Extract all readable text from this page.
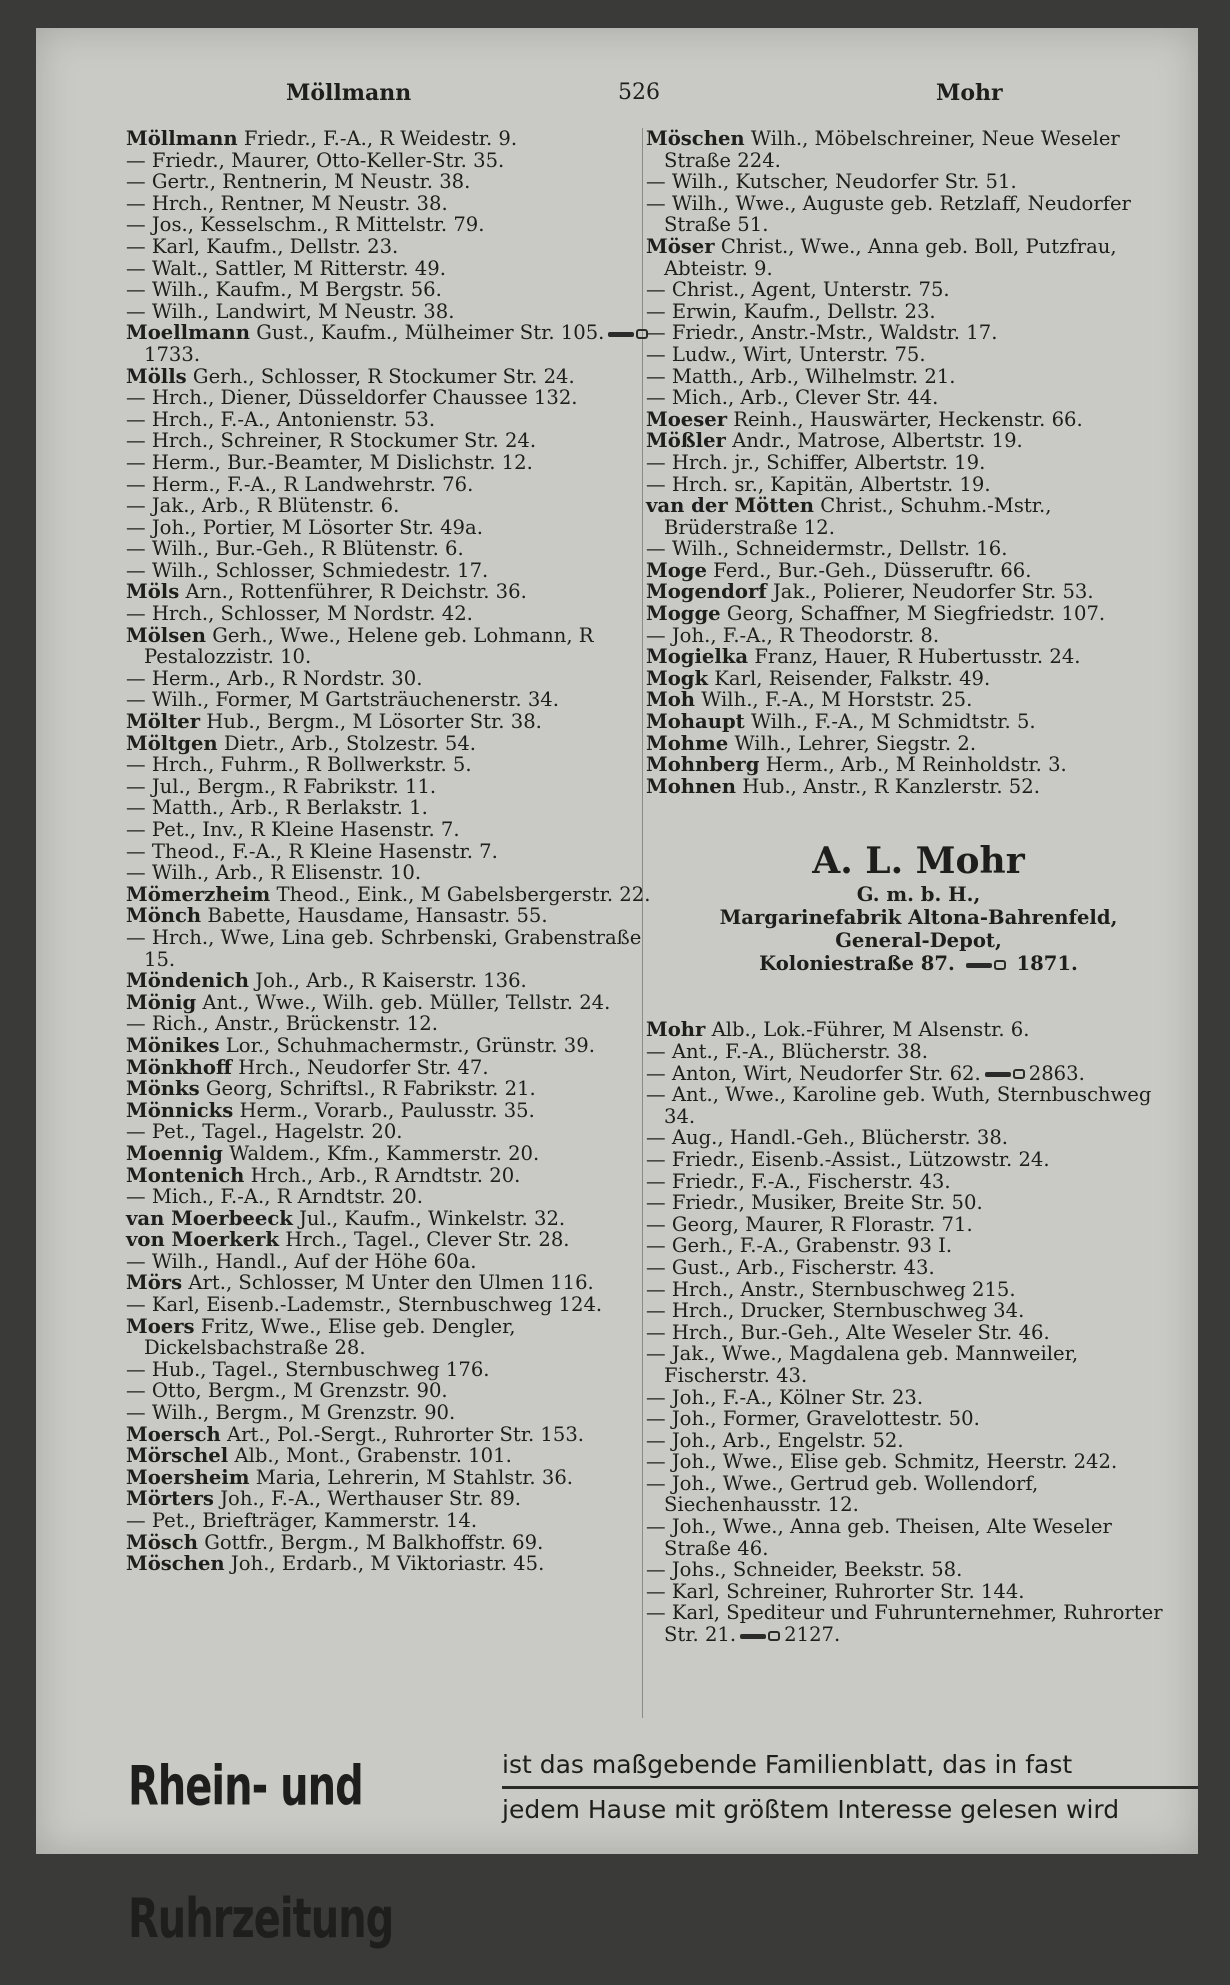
Möllmann	526	Mohr

Möllmann Friedr., F.-A., R Weidestr. 9.

— Friedr., Maurer, Otto-Keller-Str. 35.

— Gertr., Rentnerin, M Neustr. 38.

— Hrch., Rentner, M Neustr. 38.

— Jos., Kesselschm., R Mittelstr. 79.

— Karl, Kaufm., Dellstr. 23.

— Walt., Sattler, M Ritterstr. 49.

— Wilh., Kaufm., M Bergstr. 56.

— Wilh., Landwirt, M Neustr. 38.

Moellmann Gust., Kaufm., Mülheimer Str. 105.1733.

Mölls Gerh., Schlosser, R Stockumer Str. 24.

— Hrch., Diener, Düsseldorfer Chaussee 132.

— Hrch., F.-A., Antonienstr. 53.

— Hrch., Schreiner, R Stockumer Str. 24.

— Herm., Bur.-Beamter, M Dislichstr. 12.

— Herm., F.-A., R Landwehrstr. 76.

— Jak., Arb., R Blütenstr. 6.

— Joh., Portier, M Lösorter Str. 49a.

— Wilh., Bur.-Geh., R Blütenstr. 6.

— Wilh., Schlosser, Schmiedestr. 17.

Möls Arn., Rottenführer, R Deichstr. 36.

— Hrch., Schlosser, M Nordstr. 42.

Mölsen Gerh., Wwe., Helene geb. Lohmann, R Pestalozzistr. 10.

— Herm., Arb., R Nordstr. 30.

— Wilh., Former, M Gartsträuchenerstr. 34.

Mölter Hub., Bergm., M Lösorter Str. 38.

Möltgen Dietr., Arb., Stolzestr. 54.

— Hrch., Fuhrm., R Bollwerkstr. 5.

— Jul., Bergm., R Fabrikstr. 11.

— Matth., Arb., R Berlakstr. 1.

— Pet., Inv., R Kleine Hasenstr. 7.

— Theod., F.-A., R Kleine Hasenstr. 7.

— Wilh., Arb., R Elisenstr. 10.

Mömerzheim Theod., Eink., M Gabelsbergerstr. 22.

Mönch Babette, Hausdame, Hansastr. 55.

— Hrch., Wwe, Lina geb. Schrbenski, Grabenstraße 15.

Möndenich Joh., Arb., R Kaiserstr. 136.

Mönig Ant., Wwe., Wilh. geb. Müller, Tellstr. 24.

— Rich., Anstr., Brückenstr. 12.

Mönikes Lor., Schuhmachermstr., Grünstr. 39.

Mönkhoff Hrch., Neudorfer Str. 47.

Mönks Georg, Schriftsl., R Fabrikstr. 21.

Mönnicks Herm., Vorarb., Paulusstr. 35.

— Pet., Tagel., Hagelstr. 20.

Moennig Waldem., Kfm., Kammerstr. 20.

Montenich Hrch., Arb., R Arndtstr. 20.

— Mich., F.-A., R Arndtstr. 20.

van Moerbeeck Jul., Kaufm., Winkelstr. 32.

von Moerkerk Hrch., Tagel., Clever Str. 28.

— Wilh., Handl., Auf der Höhe 60a.

Mörs Art., Schlosser, M Unter den Ulmen 116.

— Karl, Eisenb.-Lademstr., Sternbuschweg 124.

Moers Fritz, Wwe., Elise geb. Dengler, Dickelsbachstraße 28.

— Hub., Tagel., Sternbuschweg 176.

— Otto, Bergm., M Grenzstr. 90.

— Wilh., Bergm., M Grenzstr. 90.

Moersch Art., Pol.-Sergt., Ruhrorter Str. 153.

Mörschel Alb., Mont., Grabenstr. 101.

Moersheim Maria, Lehrerin, M Stahlstr. 36.

Mörters Joh., F.-A., Werthauser Str. 89.

— Pet., Briefträger, Kammerstr. 14.

Mösch Gottfr., Bergm., M Balkhoffstr. 69.

Möschen Joh., Erdarb., M Viktoriastr. 45.

Möschen Wilh., Möbelschreiner, Neue Weseler Straße 224.

— Wilh., Kutscher, Neudorfer Str. 51.

— Wilh., Wwe., Auguste geb. Retzlaff, Neudorfer Straße 51.

Möser Christ., Wwe., Anna geb. Boll, Putzfrau, Abteistr. 9.

— Christ., Agent, Unterstr. 75.

— Erwin, Kaufm., Dellstr. 23.

— Friedr., Anstr.-Mstr., Waldstr. 17.

— Ludw., Wirt, Unterstr. 75.

— Matth., Arb., Wilhelmstr. 21.

— Mich., Arb., Clever Str. 44.

Moeser Reinh., Hauswärter, Heckenstr. 66.

Mößler Andr., Matrose, Albertstr. 19.

— Hrch. jr., Schiffer, Albertstr. 19.

— Hrch. sr., Kapitän, Albertstr. 19.

van der Mötten Christ., Schuhm.-Mstr., Brüderstraße 12.

— Wilh., Schneidermstr., Dellstr. 16.

Moge Ferd., Bur.-Geh., Düsseruftr. 66.

Mogendorf Jak., Polierer, Neudorfer Str. 53.

Mogge Georg, Schaffner, M Siegfriedstr. 107.

— Joh., F.-A., R Theodorstr. 8.

Mogielka Franz, Hauer, R Hubertusstr. 24.

Mogk Karl, Reisender, Falkstr. 49.

Moh Wilh., F.-A., M Horststr. 25.

Mohaupt Wilh., F.-A., M Schmidtstr. 5.

Mohme Wilh., Lehrer, Siegstr. 2.

Mohnberg Herm., Arb., M Reinholdstr. 3.

Mohnen Hub., Anstr., R Kanzlerstr. 52.

A. L. Mohr
G. m. b. H.,
Margarinefabrik Altona-Bahrenfeld,
General-Depot,
Koloniestraße 87.	1871.

Mohr Alb., Lok.-Führer, M Alsenstr. 6.

— Ant., F.-A., Blücherstr. 38.

— Anton, Wirt, Neudorfer Str. 62. 2863.

— Ant., Wwe., Karoline geb. Wuth, Sternbuschweg 34.

— Aug., Handl.-Geh., Blücherstr. 38.

— Friedr., Eisenb.-Assist., Lützowstr. 24.

— Friedr., F.-A., Fischerstr. 43.

— Friedr., Musiker, Breite Str. 50.

— Georg, Maurer, R Florastr. 71.

— Gerh., F.-A., Grabenstr. 93 I.

— Gust., Arb., Fischerstr. 43.

— Hrch., Anstr., Sternbuschweg 215.

— Hrch., Drucker, Sternbuschweg 34.

— Hrch., Bur.-Geh., Alte Weseler Str. 46.

— Jak., Wwe., Magdalena geb. Mannweiler, Fischerstr. 43.

— Joh., F.-A., Kölner Str. 23.

— Joh., Former, Gravelottestr. 50.

— Joh., Arb., Engelstr. 52.

— Joh., Wwe., Elise geb. Schmitz, Heerstr. 242.

— Joh., Wwe., Gertrud geb. Wollendorf, Siechenhausstr. 12.

— Joh., Wwe., Anna geb. Theisen, Alte Weseler Straße 46.

— Johs., Schneider, Beekstr. 58.

— Karl, Schreiner, Ruhrorter Str. 144.

— Karl, Spediteur und Fuhrunternehmer, Ruhrorter Str. 21. 2127.

Rhein- und Ruhrzeitung
ist das maßgebende Familienblatt, das in fast
jedem Hause mit größtem Interesse gelesen wird
